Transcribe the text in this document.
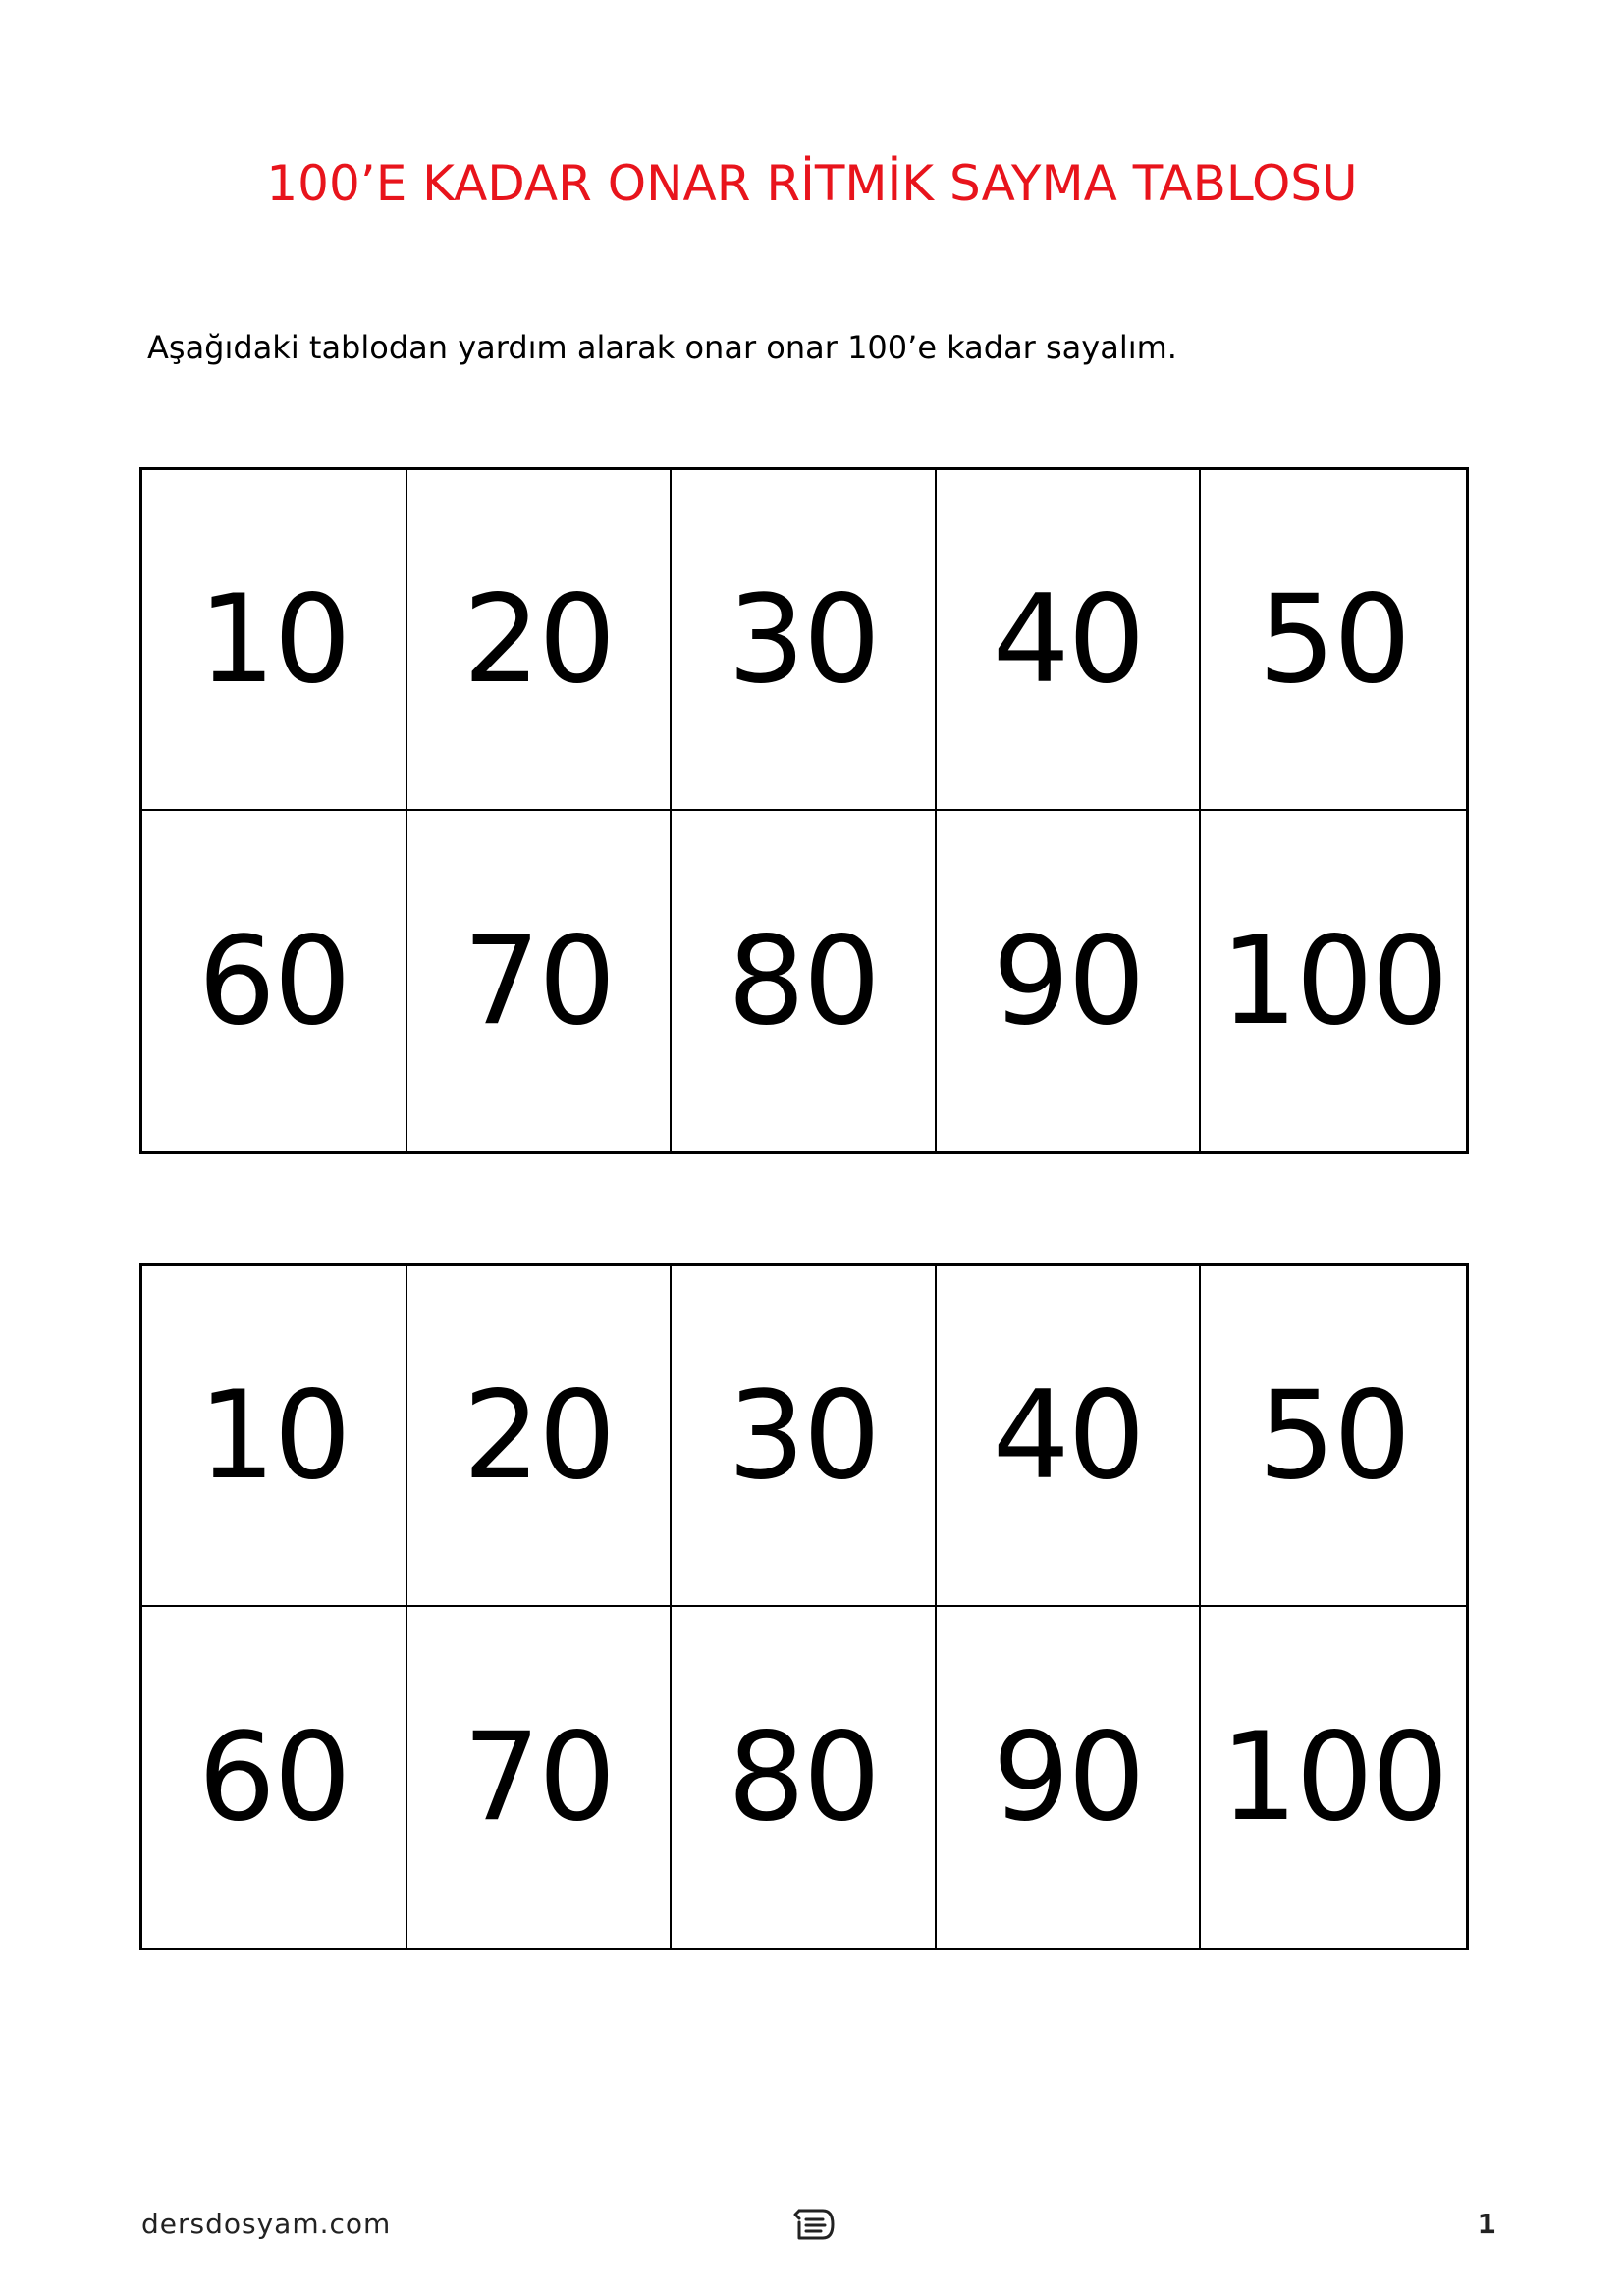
100’E KADAR ONAR RİTMİK SAYMA TABLOSU
Aşağıdaki tablodan yardım alarak onar onar 100’e kadar sayalım.
10 20 30 40 50
60 70 80 90 100
10 20 30 40 50
60 70 80 90 100
dersdosyam.com	1
